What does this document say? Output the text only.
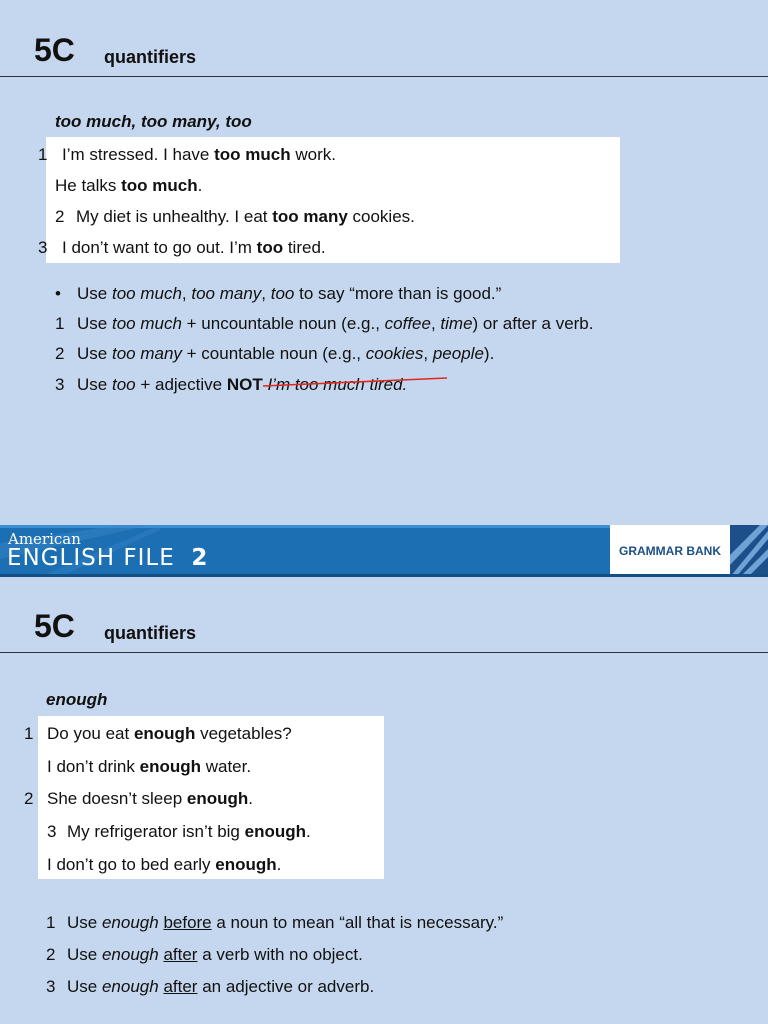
5C quantifiers
too much, too many, too
1 I’m stressed. I have too much work.
He talks too much.
2 My diet is unhealthy. I eat too many cookies.
3 I don’t want to go out. I’m too tired.
• Use too much, too many, too to say “more than is good.”
1 Use too much + uncountable noun (e.g., coffee, time) or after a verb.
2 Use too many + countable noun (e.g., cookies, people).
3 Use too + adjective NOT I’m too much tired.
American
ENGLISH FILE 2	GRAMMAR BANK
5C quantifiers
enough
1 Do you eat enough vegetables?
I don’t drink enough water.
2 She doesn’t sleep enough.
3 My refrigerator isn’t big enough.
I don’t go to bed early enough.
1 Use enough before a noun to mean “all that is necessary.”
2 Use enough after a verb with no object.
3 Use enough after an adjective or adverb.
